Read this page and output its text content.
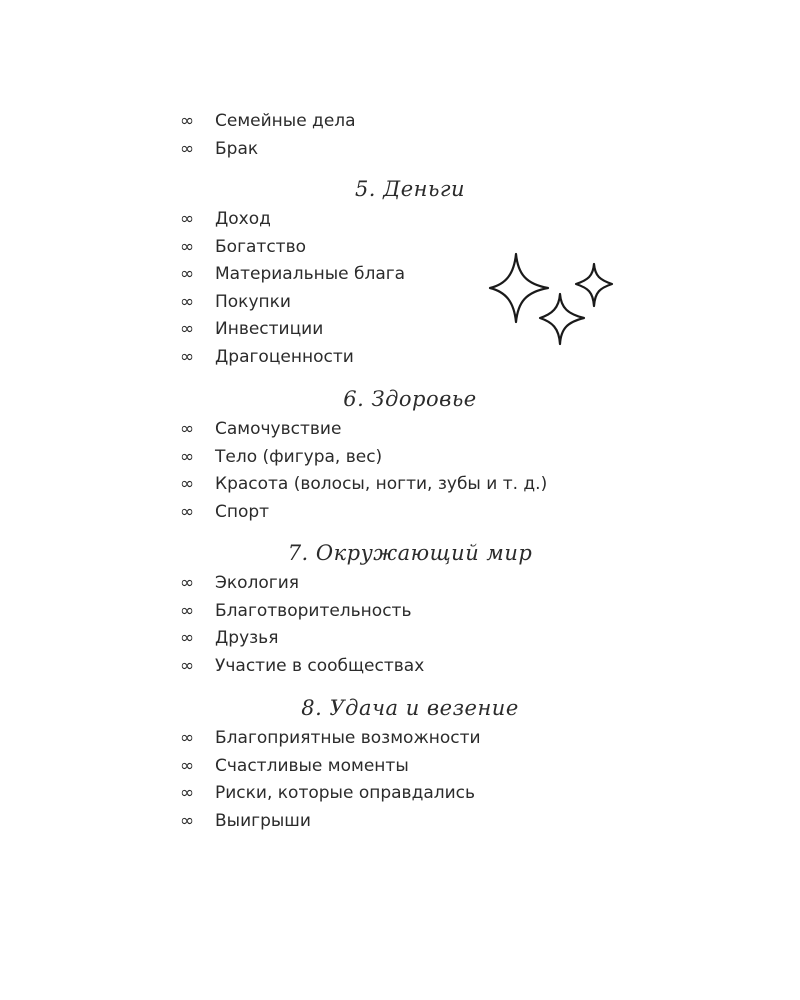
∞	Семейные дела
∞	Брак
5. Деньги
∞	Доход
∞	Богатство
∞	Материальные блага
∞	Покупки
∞	Инвестиции
∞	Драгоценности
6. Здоровье
∞	Самочувствие
∞	Тело (фигура, вес)
∞	Красота (волосы, ногти, зубы и т. д.)
∞	Спорт
7. Окружающий мир
∞	Экология
∞	Благотворительность
∞	Друзья
∞	Участие в сообществах
8. Удача и везение
∞	Благоприятные возможности
∞	Счастливые моменты
∞	Риски, которые оправдались
∞	Выигрыши
